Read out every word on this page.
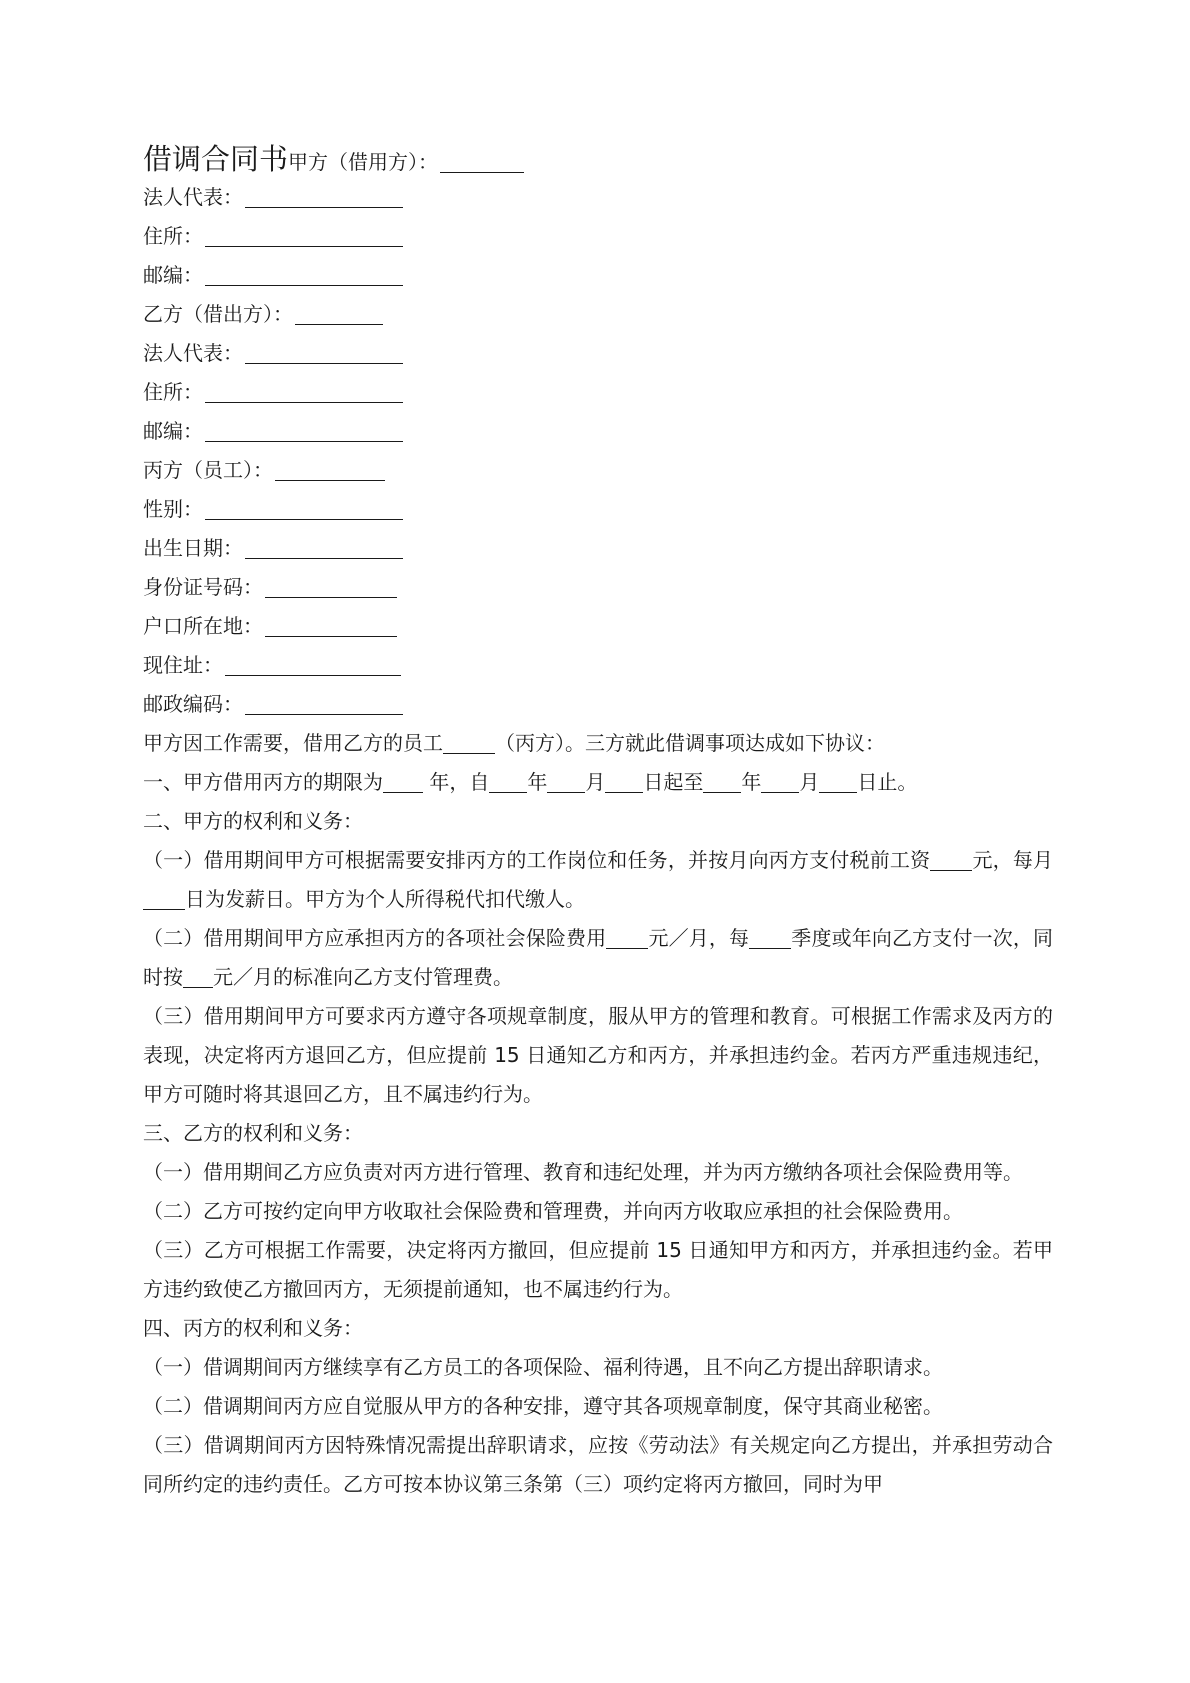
借调合同书甲方（借用方）：
法人代表：
住所：
邮编：
乙方（借出方）：
法人代表：
住所：
邮编：
丙方（员工）：
性别：
出生日期：
身份证号码：
户口所在地：
现住址：
邮政编码：

甲方因工作需要，借用乙方的员工	（丙方）。三方就此借调事项达成如下协议：

一、甲方借用丙方的期限为 年，自 年 月 日起至 年 月 日止。

二、甲方的权利和义务：

（一）借用期间甲方可根据需要安排丙方的工作岗位和任务，并按月向丙方支付税前工资 元，每月日为发薪日。甲方为个人所得税代扣代缴人。

（二）借用期间甲方应承担丙方的各项社会保险费用 元／月，每 季度或年向乙方支付一次，同时按 元／月的标准向乙方支付管理费。

（三）借用期间甲方可要求丙方遵守各项规章制度，服从甲方的管理和教育。可根据工作需求及丙方的表现，决定将丙方退回乙方，但应提前 15 日通知乙方和丙方，并承担违约金。若丙方严重违规违纪，甲方可随时将其退回乙方，且不属违约行为。

三、乙方的权利和义务：

（一）借用期间乙方应负责对丙方进行管理、教育和违纪处理，并为丙方缴纳各项社会保险费用等。

（二）乙方可按约定向甲方收取社会保险费和管理费，并向丙方收取应承担的社会保险费用。

（三）乙方可根据工作需要，决定将丙方撤回，但应提前 15 日通知甲方和丙方，并承担违约金。若甲方违约致使乙方撤回丙方，无须提前通知，也不属违约行为。

四、丙方的权利和义务：

（一）借调期间丙方继续享有乙方员工的各项保险、福利待遇，且不向乙方提出辞职请求。

（二）借调期间丙方应自觉服从甲方的各种安排，遵守其各项规章制度，保守其商业秘密。

（三）借调期间丙方因特殊情况需提出辞职请求，应按《劳动法》有关规定向乙方提出，并承担劳动合同所约定的违约责任。乙方可按本协议第三条第（三）项约定将丙方撤回，同时为甲
